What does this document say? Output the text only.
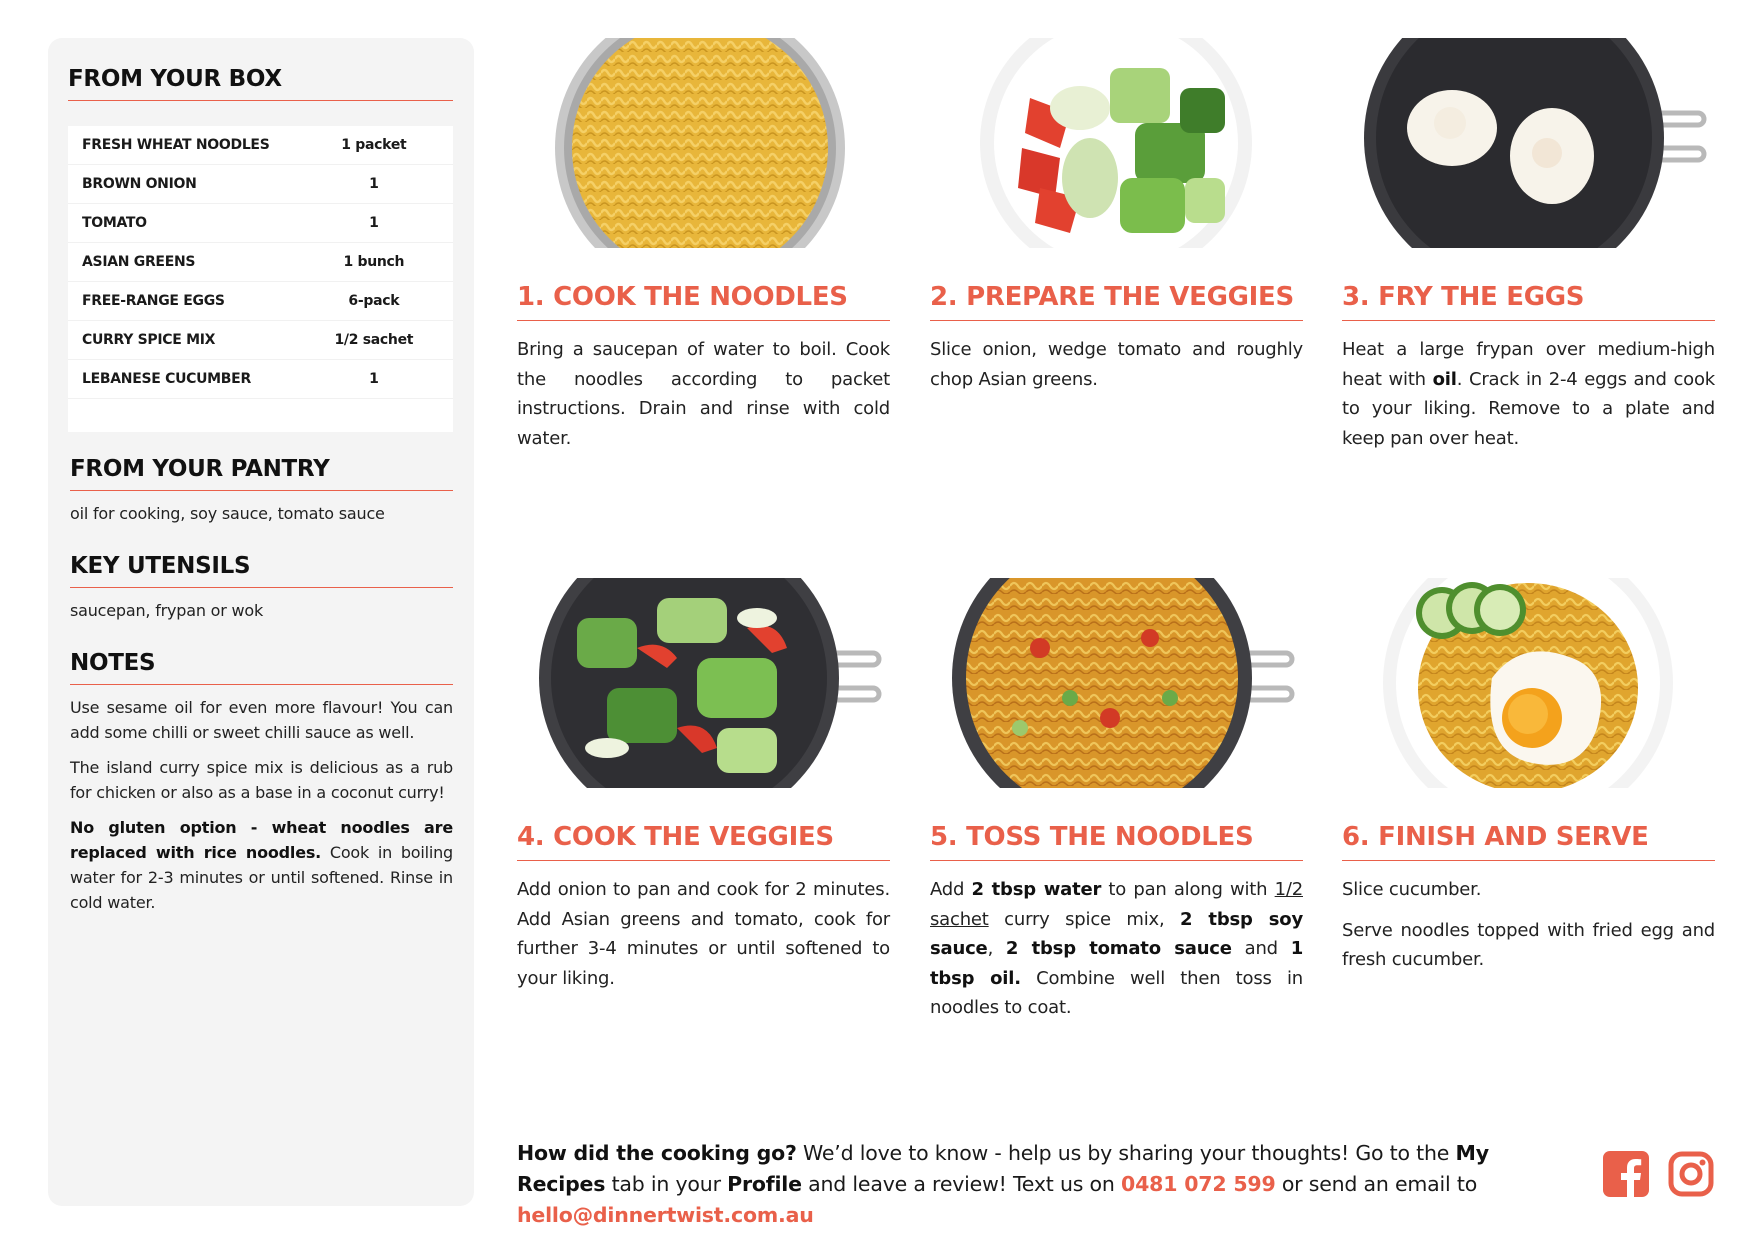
FROM YOUR BOX
FRESH WHEAT NOODLES	1 packet
BROWN ONION	1
TOMATO	1
ASIAN GREENS	1 bunch
FREE-RANGE EGGS	6-pack
CURRY SPICE MIX	1/2 sachet
LEBANESE CUCUMBER	1
FROM YOUR PANTRY
oil for cooking, soy sauce, tomato sauce
KEY UTENSILS
saucepan, frypan or wok
NOTES

Use sesame oil for even more flavour! You can add some chilli or sweet chilli sauce as well.

The island curry spice mix is delicious as a rub for chicken or also as a base in a coconut curry!

No gluten option - wheat noodles are replaced with rice noodles. Cook in boiling water for 2-3 minutes or until softened. Rinse in cold water.

1. COOK THE NOODLES

Bring a saucepan of water to boil. Cook the noodles according to packet instructions. Drain and rinse with cold water.

2. PREPARE THE VEGGIES

Slice onion, wedge tomato and roughly chop Asian greens.

3. FRY THE EGGS

Heat a large frypan over medium-high heat with oil. Crack in 2-4 eggs and cook to your liking. Remove to a plate and keep pan over heat.

4. COOK THE VEGGIES

Add onion to pan and cook for 2 minutes. Add Asian greens and tomato, cook for further 3-4 minutes or until softened to your liking.

5. TOSS THE NOODLES

Add 2 tbsp water to pan along with 1/2 sachet curry spice mix, 2 tbsp soy sauce, 2 tbsp tomato sauce and 1 tbsp oil. Combine well then toss in noodles to coat.

6. FINISH AND SERVE

Slice cucumber.

Serve noodles topped with fried egg and fresh cucumber.

How did the cooking go? We’d love to know - help us by sharing your thoughts! Go to the My Recipes tab in your Profile and leave a review! Text us on 0481 072 599 or send an email to hello@dinnertwist.com.au
